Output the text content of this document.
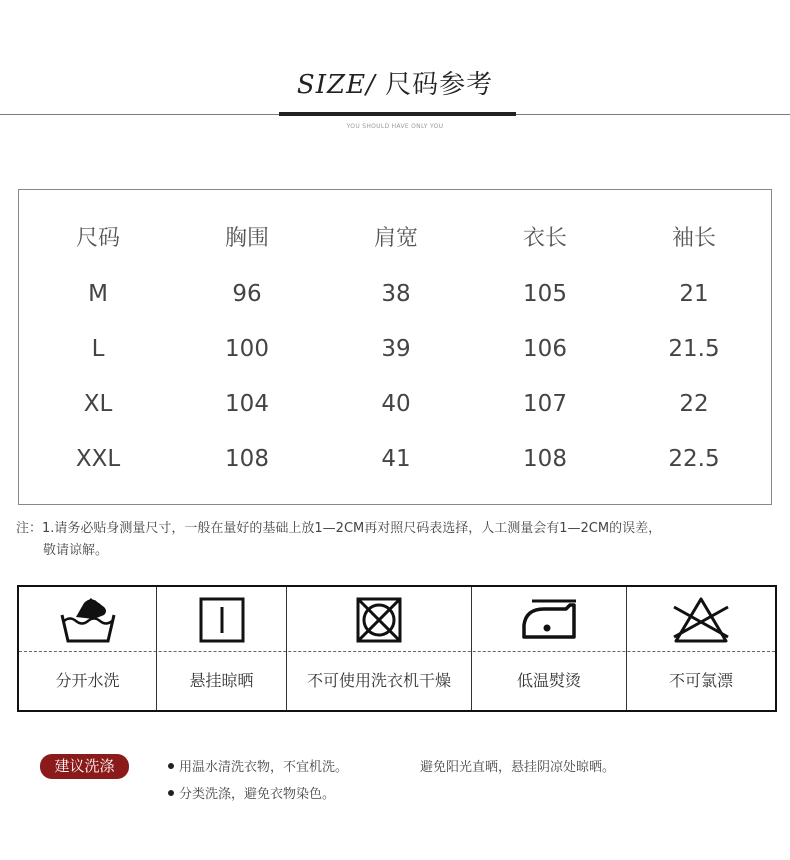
SIZE/ 尺码参考
YOU SHOULD HAVE ONLY YOU
尺码	胸围	肩宽	衣长	袖长
M	96	38	105	21
L	100	39	106	21.5
XL	104	40	107	22
XXL	108	41	108	22.5
注：1.请务必贴身测量尺寸，一般在量好的基础上放1—2CM再对照尺码表选择，人工测量会有1—2CM的误差，
敬请谅解。
分开水洗	悬挂晾晒	不可使用洗衣机干燥	低温熨烫	不可氯漂
建议洗涤	用温水清洗衣物，不宜机洗。	避免阳光直晒，悬挂阴凉处晾晒。
分类洗涤，避免衣物染色。
